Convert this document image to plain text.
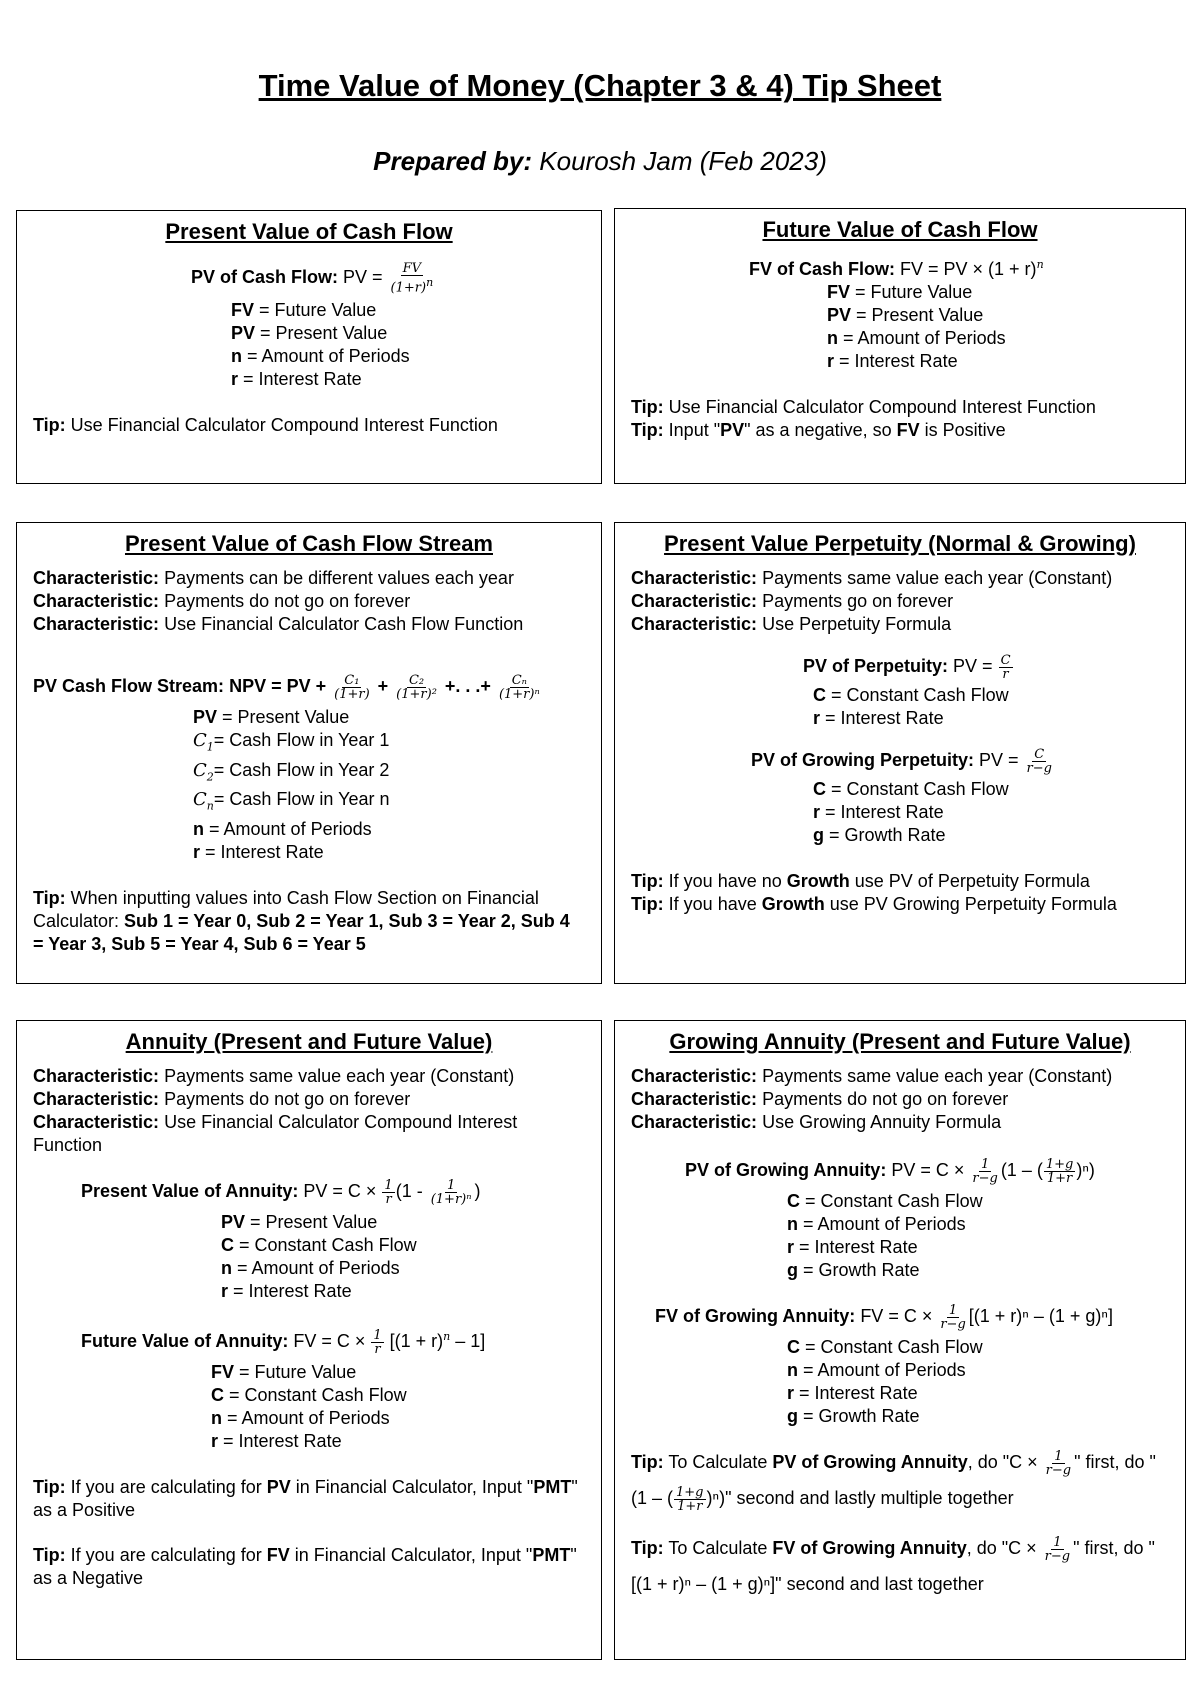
Time Value of Money (Chapter 3 & 4) Tip Sheet
Prepared by: Kourosh Jam (Feb 2023)
Present Value of Cash Flow
PV of Cash Flow: PV = $\frac{FV}{(1+r)^n}$
FV = Future Value
PV = Present Value
n = Amount of Periods
r = Interest Rate
Tip: Use Financial Calculator Compound Interest Function
Future Value of Cash Flow
FV of Cash Flow: FV = PV × $(1 + r)^n$
FV = Future Value
PV = Present Value
n = Amount of Periods
r = Interest Rate
Tip: Use Financial Calculator Compound Interest Function
Tip: Input "PV" as a negative, so FV is Positive
Present Value of Cash Flow Stream
Characteristic: Payments can be different values each year
Characteristic: Payments do not go on forever
Characteristic: Use Financial Calculator Cash Flow Function
PV Cash Flow Stream: NPV = PV + $\frac{\text{C₁}}{(1+r)} + \frac{\text{C₂}}{\text{(1+r)²}}$ +. . .+ $\frac{\text{Cₙ}}{\text{(1+r)ⁿ}}$
PV = Present Value
$C_1=$ Cash Flow in Year 1
$C_2=$ Cash Flow in Year 2
$C_n=$ Cash Flow in Year n
n = Amount of Periods
r = Interest Rate
Tip: When inputting values into Cash Flow Section on Financial Calculator: Sub 1 = Year 0, Sub 2 = Year 1, Sub 3 = Year 2, Sub 4 = Year 3, Sub 5 = Year 4, Sub 6 = Year 5
Present Value Perpetuity (Normal & Growing)
Characteristic: Payments same value each year (Constant)
Characteristic: Payments go on forever
Characteristic: Use Perpetuity Formula
PV of Perpetuity: PV = $\frac{C}{r}$
C = Constant Cash Flow
r = Interest Rate
PV of Growing Perpetuity: PV = $\frac{C}{r-g}$
C = Constant Cash Flow
r = Interest Rate
g = Growth Rate
Tip: If you have no Growth use PV of Perpetuity Formula
Tip: If you have Growth use PV Growing Perpetuity Formula
Annuity (Present and Future Value)
Characteristic: Payments same value each year (Constant)
Characteristic: Payments do not go on forever
Characteristic: Use Financial Calculator Compound Interest Function
Present Value of Annuity: PV = $C \times \frac{1}{r} (1 - \frac{1}{\text{(1+r)ⁿ}}$ )
PV = Present Value
C = Constant Cash Flow
n = Amount of Periods
r = Interest Rate
Future Value of Annuity: FV = $C \times \frac{1}{r} [(1 + r)^n - 1]$
FV = Future Value
C = Constant Cash Flow
n = Amount of Periods
r = Interest Rate
Tip: If you are calculating for PV in Financial Calculator, Input "PMT" as a Positive
Tip: If you are calculating for FV in Financial Calculator, Input "PMT" as a Negative
Growing Annuity (Present and Future Value)
Characteristic: Payments same value each year (Constant)
Characteristic: Payments do not go on forever
Characteristic: Use Growing Annuity Formula
PV of Growing Annuity: PV = $C \times \frac{1}{r-g} (1$ – ( $\frac{1+g}{1+r} )^n$)
C = Constant Cash Flow
n = Amount of Periods
r = Interest Rate
g = Growth Rate
FV of Growing Annuity: FV = $C \times \frac{1}{r-g} [(1 + r)^n - (1 + g)^n]$
C = Constant Cash Flow
n = Amount of Periods
r = Interest Rate
g = Growth Rate
Tip: To Calculate PV of Growing Annuity, do "$C \times \frac{1}{r-g}$ " first, do "(1 – ( $\frac{1+g}{1+r} )^n$)" second and lastly multiple together
Tip: To Calculate FV of Growing Annuity, do "$C \times \frac{1}{r-g}$ " first, do "[(1 + r)ⁿ – (1 + g)ⁿ]" second and last together
